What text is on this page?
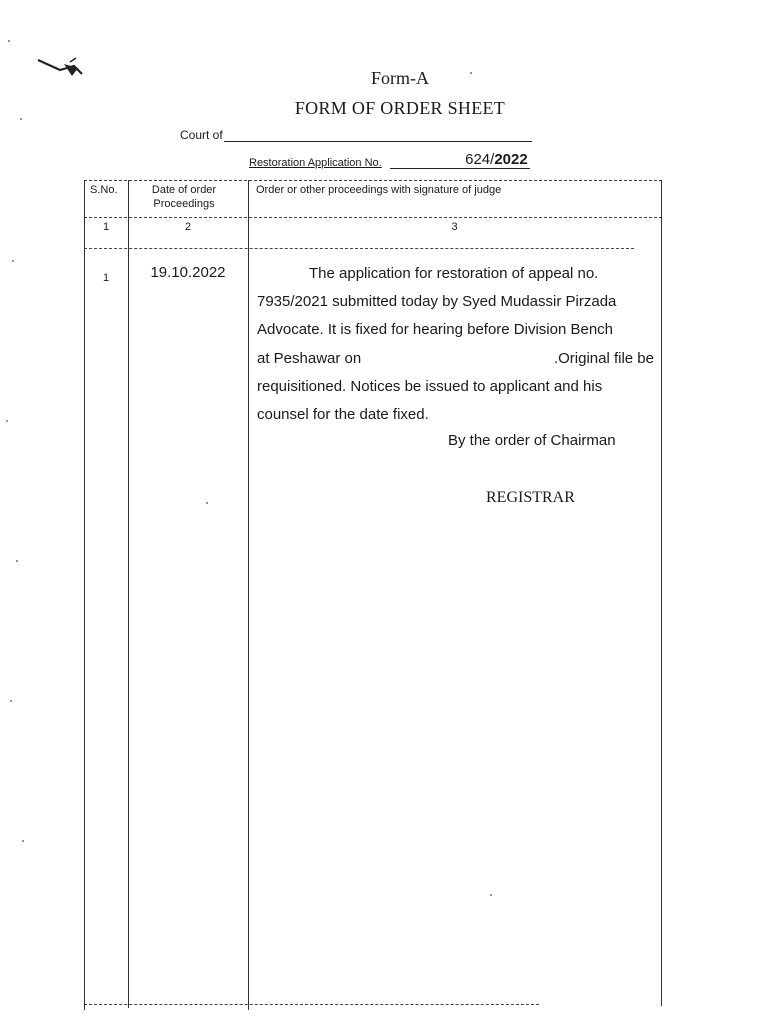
Form-A
FORM OF ORDER SHEET
Court of
Restoration Application No.	624/2022
S.No.	Date of order Proceedings
Order or other proceedings with signature of judge
1	2	3
1	19.10.2022	The application for restoration of appeal no.
7935/2021 submitted today by Syed Mudassir Pirzada
Advocate. It is fixed for hearing before Division Bench
at Peshawar on	.Original file be
requisitioned. Notices be issued to applicant and his
counsel for the date fixed.
By the order of Chairman
REGISTRAR
